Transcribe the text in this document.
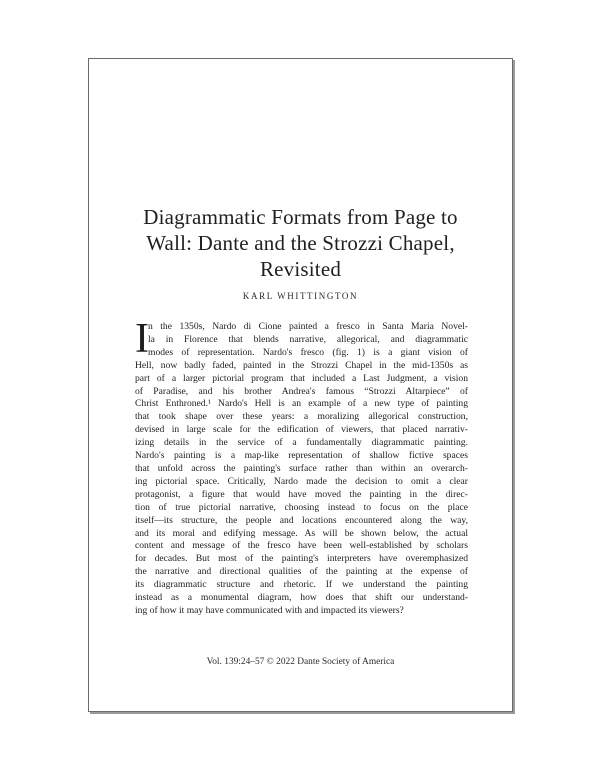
Diagrammatic Formats from Page to
Wall: Dante and the Strozzi Chapel,
Revisited
KARL WHITTINGTON
I n the 1350s, Nardo di Cione painted a fresco in Santa Maria Novel-
la in Florence that blends narrative, allegorical, and diagrammatic
modes of representation. Nardo's fresco (fig. 1) is a giant vision of
Hell, now badly faded, painted in the Strozzi Chapel in the mid-1350s as
part of a larger pictorial program that included a Last Judgment, a vision
of Paradise, and his brother Andrea's famous “Strozzi Altarpiece” of
Christ Enthroned.¹ Nardo's Hell is an example of a new type of painting
that took shape over these years: a moralizing allegorical construction,
devised in large scale for the edification of viewers, that placed narrativ-
izing details in the service of a fundamentally diagrammatic painting.
Nardo's painting is a map-like representation of shallow fictive spaces
that unfold across the painting's surface rather than within an overarch-
ing pictorial space. Critically, Nardo made the decision to omit a clear
protagonist, a figure that would have moved the painting in the direc-
tion of true pictorial narrative, choosing instead to focus on the place
itself—its structure, the people and locations encountered along the way,
and its moral and edifying message. As will be shown below, the actual
content and message of the fresco have been well-established by scholars
for decades. But most of the painting's interpreters have overemphasized
the narrative and directional qualities of the painting at the expense of
its diagrammatic structure and rhetoric. If we understand the painting
instead as a monumental diagram, how does that shift our understand-
ing of how it may have communicated with and impacted its viewers?
Vol. 139:24–57 © 2022 Dante Society of America
